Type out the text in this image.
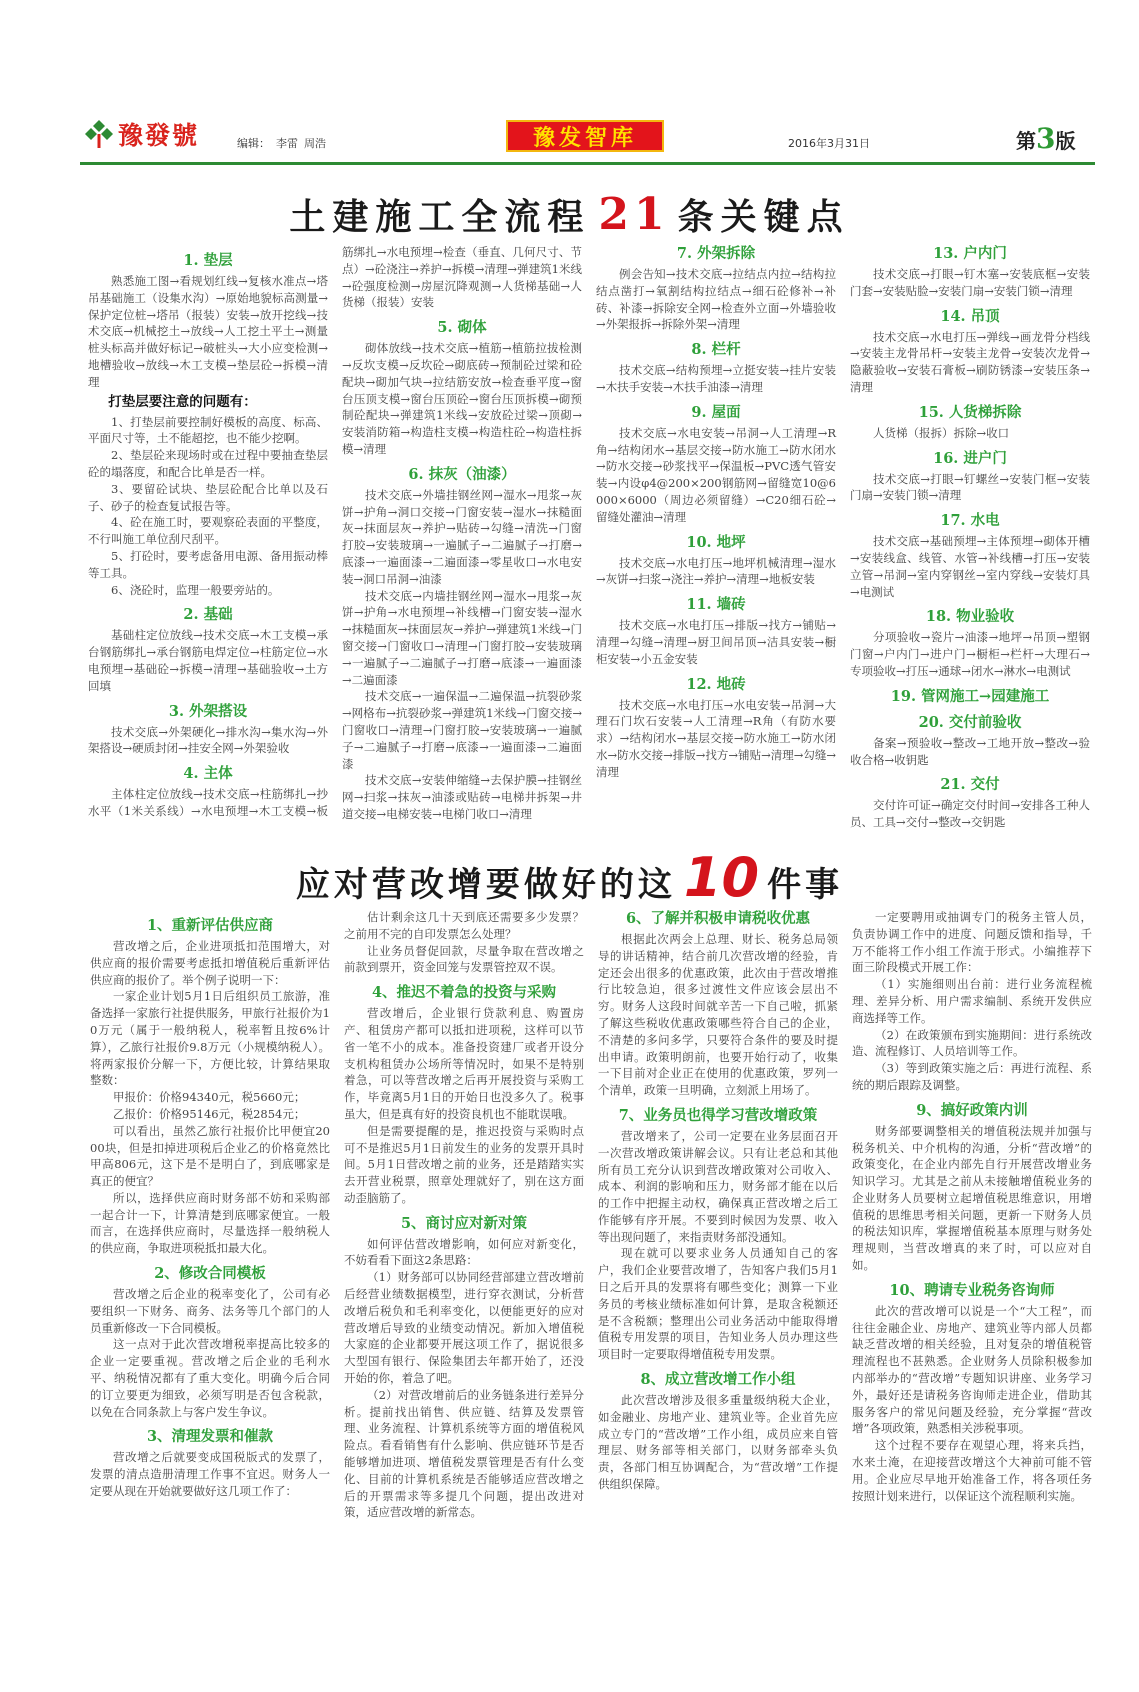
豫發號	编辑： 李雷 周浩	豫发智库	2016年3月31日	第3版
土建施工全流程 21 条关键点
1. 垫层

熟悉施工图→看规划红线→复核水准点→塔吊基础施工（设集水沟）→原始地貌标高测量→保护定位桩→塔吊（报装）安装→放开挖线→技术交底→机械挖土→放线→人工挖土平土→测量桩头标高并做好标记→破桩头→大小应变检测→地槽验收→放线→木工支模→垫层砼→拆模→清理

打垫层要注意的问题有：

1、打垫层前要控制好模板的高度、标高、平面尺寸等，土不能超挖，也不能少挖啊。

2、垫层砼来现场时或在过程中要抽查垫层砼的塌落度，和配合比单是否一样。

3、要留砼试块、垫层砼配合比单以及石子、砂子的检查复试报告等。

4、砼在施工时，要观察砼表面的平整度，不行叫施工单位刮尺刮平。

5、打砼时，要考虑备用电源、备用振动棒等工具。

6、浇砼时，监理一般要旁站的。

2. 基础

基础柱定位放线→技术交底→木工支模→承台钢筋绑扎→承台钢筋电焊定位→柱筋定位→水电预埋→基础砼→拆模→清理→基础验收→土方回填

3. 外架搭设

技术交底→外架硬化→排水沟→集水沟→外架搭设→硬质封闭→挂安全网→外架验收

4. 主体

主体柱定位放线→技术交底→柱筋绑扎→抄水平（1米关系线）→水电预埋→木工支模→板筋绑扎→水电预埋→检查（垂直、几何尺寸、节点）→砼浇注→养护→拆模→清理→弹建筑1米线→砼强度检测→房屋沉降观测→人货梯基础→人货梯（报装）安装

5. 砌体

砌体放线→技术交底→植筋→植筋拉拔检测→反坎支模→反坎砼→砌底砖→预制砼过梁和砼配块→砌加气块→拉结筋安放→检查垂平度→窗台压顶支模→窗台压顶砼→窗台压顶拆模→砌预制砼配块→弹建筑1米线→安放砼过梁→顶砌→安装消防箱→构造柱支模→构造柱砼→构造柱拆模→清理

6. 抹灰（油漆）

技术交底→外墙挂钢丝网→湿水→甩浆→灰饼→护角→洞口交接→门窗安装→湿水→抹糙面灰→抹面层灰→养护→贴砖→勾缝→清洗→门窗打胶→安装玻璃→一遍腻子→二遍腻子→打磨→底漆→一遍面漆→二遍面漆→零星收口→水电安装→洞口吊洞→油漆

技术交底→内墙挂钢丝网→湿水→甩浆→灰饼→护角→水电预埋→补线槽→门窗安装→湿水→抹糙面灰→抹面层灰→养护→弹建筑1米线→门窗交接→门窗收口→清理→门窗打胶→安装玻璃→一遍腻子→二遍腻子→打磨→底漆→一遍面漆→二遍面漆

技术交底→一遍保温→二遍保温→抗裂砂浆→网格布→抗裂砂浆→弹建筑1米线→门窗交接→门窗收口→清理→门窗打胶→安装玻璃→一遍腻子→二遍腻子→打磨→底漆→一遍面漆→二遍面漆

技术交底→安装伸缩缝→去保护膜→挂钢丝网→扫浆→抹灰→油漆或贴砖→电梯井拆架→井道交接→电梯安装→电梯门收口→清理

7. 外架拆除

例会告知→技术交底→拉结点内拉→结构拉结点凿打→氧割结构拉结点→细石砼修补→补砖、补漆→拆除安全网→检查外立面→外墙验收→外架报拆→拆除外架→清理

8. 栏杆

技术交底→结构预埋→立挺安装→挂片安装→木扶手安装→木扶手油漆→清理

9. 屋面

技术交底→水电安装→吊洞→人工清理→R角→结构闭水→基层交接→防水施工→防水闭水→防水交接→砂浆找平→保温板→PVC透气管安装→内设φ4@200×200钢筋网→留缝宽10@6000×6000（周边必须留缝）→C20细石砼→留缝处灌油→清理

10. 地坪

技术交底→水电打压→地坪机械清理→湿水→灰饼→扫浆→浇注→养护→清理→地板安装

11. 墙砖

技术交底→水电打压→排版→找方→铺贴→清理→勾缝→清理→厨卫间吊顶→洁具安装→橱柜安装→小五金安装

12. 地砖

技术交底→水电打压→水电安装→吊洞→大理石门坎石安装→人工清理→R角（有防水要求）→结构闭水→基层交接→防水施工→防水闭水→防水交接→排版→找方→铺贴→清理→勾缝→清理

13. 户内门

技术交底→打眼→钉木塞→安装底框→安装门套→安装贴脸→安装门扇→安装门锁→清理

14. 吊顶

技术交底→水电打压→弹线→画龙骨分档线→安装主龙骨吊杆→安装主龙骨→安装次龙骨→隐蔽验收→安装石膏板→刷防锈漆→安装压条→清理

15. 人货梯拆除

人货梯（报拆）拆除→收口

16. 进户门

技术交底→打眼→钉螺丝→安装门框→安装门扇→安装门锁→清理

17. 水电

技术交底→基础预埋→主体预埋→砌体开槽→安装线盒、线管、水管→补线槽→打压→安装立管→吊洞→室内穿钢丝→室内穿线→安装灯具→电测试

18. 物业验收

分项验收→瓷片→油漆→地坪→吊顶→塑钢门窗→户内门→进户门→橱柜→栏杆→大理石→专项验收→打压→通球→闭水→淋水→电测试

19. 管网施工→园建施工
20. 交付前验收

备案→预验收→整改→工地开放→整改→验收合格→收钥匙

21. 交付

交付许可证→确定交付时间→安排各工种人员、工具→交付→整改→交钥匙

应对营改增要做好的这 10 件事
1、重新评估供应商

营改增之后，企业进项抵扣范围增大，对供应商的报价需要考虑抵扣增值税后重新评估供应商的报价了。举个例子说明一下：

一家企业计划5月1日后组织员工旅游，准备选择一家旅行社提供服务，甲旅行社报价为10万元（属于一般纳税人，税率暂且按6%计算），乙旅行社报价9.8万元（小规模纳税人）。将两家报价分解一下，方便比较，计算结果取整数：

甲报价：价格94340元，税5660元；

乙报价：价格95146元，税2854元；

可以看出，虽然乙旅行社报价比甲便宜2000块，但是扣掉进项税后企业乙的价格竟然比甲高806元，这下是不是明白了，到底哪家是真正的便宜？

所以，选择供应商时财务部不妨和采购部一起合计一下，计算清楚到底哪家便宜。一般而言，在选择供应商时，尽量选择一般纳税人的供应商，争取进项税抵扣最大化。

2、修改合同模板

营改增之后企业的税率变化了，公司有必要组织一下财务、商务、法务等几个部门的人员重新修改一下合同模板。

这一点对于此次营改增税率提高比较多的企业一定要重视。营改增之后企业的毛利水平、纳税情况都有了重大变化。明确今后合同的订立要更为细致，必须写明是否包含税款，以免在合同条款上与客户发生争议。

3、清理发票和催款

营改增之后就要变成国税版式的发票了，发票的清点造册清理工作事不宜迟。财务人一定要从现在开始就要做好这几项工作了：

估计剩余这几十天到底还需要多少发票？之前用不完的自印发票怎么处理？

让业务员督促回款，尽量争取在营改增之前款到票开，资金回笼与发票管控双不误。

4、推迟不着急的投资与采购

营改增后，企业银行贷款利息、购置房产、租赁房产都可以抵扣进项税，这样可以节省一笔不小的成本。准备投资建厂或者开设分支机构租赁办公场所等情况时，如果不是特别着急，可以等营改增之后再开展投资与采购工作，毕竟离5月1日的开始日也没多久了。税事虽大，但是真有好的投资良机也不能耽误哦。

但是需要提醒的是，推迟投资与采购时点可不是推迟5月1日前发生的业务的发票开具时间。5月1日营改增之前的业务，还是踏踏实实去开营业税票，照章处理就好了，别在这方面动歪脑筋了。

5、商讨应对新对策

如何评估营改增影响，如何应对新变化，不妨看看下面这2条思路：

（1）财务部可以协同经营部建立营改增前后经营业绩数据模型，进行穿衣测试，分析营改增后税负和毛利率变化，以便能更好的应对营改增后导致的业绩变动情况。新加入增值税大家庭的企业都要开展这项工作了，据说很多大型国有银行、保险集团去年都开始了，还没开始的你，着急了吧。

（2）对营改增前后的业务链条进行差异分析。提前找出销售、供应链、结算及发票管理、业务流程、计算机系统等方面的增值税风险点。看看销售有什么影响、供应链环节是否能够增加进项、增值税发票管理是否有什么变化、目前的计算机系统是否能够适应营改增之后的开票需求等多提几个问题，提出改进对策，适应营改增的新常态。

6、了解并积极申请税收优惠

根据此次两会上总理、财长、税务总局领导的讲话精神，结合前几次营改增的经验，肯定还会出很多的优惠政策，此次由于营改增推行比较急迫，很多过渡性文件应该会层出不穷。财务人这段时间就辛苦一下自己啦，抓紧了解这些税收优惠政策哪些符合自己的企业，不清楚的多问多学，只要符合条件的要及时提出申请。政策明朗前，也要开始行动了，收集一下目前对企业正在使用的优惠政策，罗列一个清单，政策一旦明确，立刻派上用场了。

7、业务员也得学习营改增政策

营改增来了，公司一定要在业务层面召开一次营改增政策讲解会议。只有让老总和其他所有员工充分认识到营改增政策对公司收入、成本、利润的影响和压力，财务部才能在以后的工作中把握主动权，确保真正营改增之后工作能够有序开展。不要到时候因为发票、收入等出现问题了，来指责财务部没通知。

现在就可以要求业务人员通知自己的客户，我们企业要营改增了，告知客户我们5月1日之后开具的发票将有哪些变化；测算一下业务员的考核业绩标准如何计算，是取含税额还是不含税额；整理出公司业务活动中能取得增值税专用发票的项目，告知业务人员办理这些项目时一定要取得增值税专用发票。

8、成立营改增工作小组

此次营改增涉及很多重量级纳税大企业，如金融业、房地产业、建筑业等。企业首先应成立专门的“营改增”工作小组，成员应来自管理层、财务部等相关部门，以财务部牵头负责，各部门相互协调配合，为“营改增”工作提供组织保障。

一定要聘用或抽调专门的税务主管人员，负责协调工作中的进度、问题反馈和指导，千万不能将工作小组工作流于形式。小编推荐下面三阶段模式开展工作：

（1）实施细则出台前：进行业务流程梳理、差异分析、用户需求编制、系统开发供应商选择等工作。

（2）在政策颁布到实施期间：进行系统改造、流程修订、人员培训等工作。

（3）等到政策实施之后：再进行流程、系统的期后跟踪及调整。

9、搞好政策内训

财务部要调整相关的增值税法规并加强与税务机关、中介机构的沟通，分析“营改增”的政策变化，在企业内部先自行开展营改增业务知识学习。尤其是之前从未接触增值税业务的企业财务人员要树立起增值税思维意识，用增值税的思维思考相关问题，更新一下财务人员的税法知识库，掌握增值税基本原理与财务处理规则，当营改增真的来了时，可以应对自如。

10、聘请专业税务咨询师

此次的营改增可以说是一个“大工程”，而往往金融企业、房地产、建筑业等内部人员都缺乏营改增的相关经验，且对复杂的增值税管理流程也不甚熟悉。企业财务人员除积极参加内部举办的“营改增”专题知识讲座、业务学习外，最好还是请税务咨询师走进企业，借助其服务客户的常见问题及经验，充分掌握“营改增”各项政策，熟悉相关涉税事项。

这个过程不要存在观望心理，将来兵挡，水来土淹，在迎接营改增这个大神前可能不管用。企业应尽早地开始准备工作，将各项任务按照计划来进行，以保证这个流程顺利实施。
